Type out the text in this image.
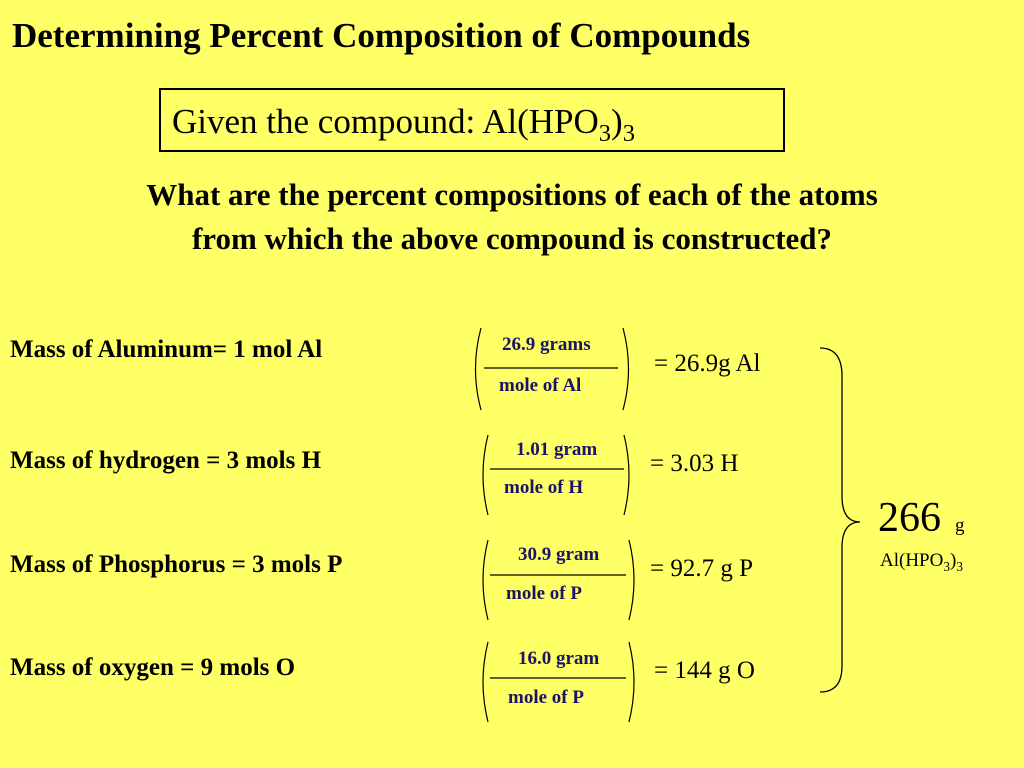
Determining Percent Composition of Compounds
Given the compound: $Al(HPO_3)_3$
What are the percent compositions of each of the atoms
from which the above compound is constructed?
Mass of Aluminum= 1 mol Al	26.9 grams
mole of Al
= 26.9g Al
Mass of hydrogen = 3 mols H	1.01 gram
mole of H
= 3.03 H
Mass of Phosphorus = 3 mols P	30.9 gram
mole of P
= 92.7 g P
Mass of oxygen = 9 mols O	16.0 gram
mole of P
= 144 g O
266 g
$Al(HPO_3)_3$
